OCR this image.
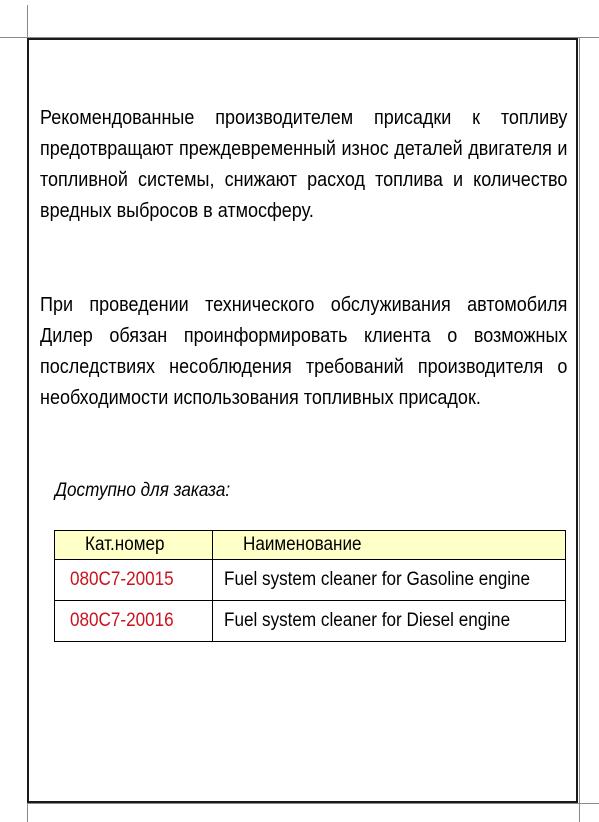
Рекомендованные производителем присадки к топливу предотвращают преждевременный износ деталей двигателя и топливной системы, снижают расход топлива и количество вредных выбросов в атмосферу.
При проведении технического обслуживания автомобиля Дилер обязан проинформировать клиента о возможных последствиях несоблюдения требований производителя о необходимости использования топливных присадок.
Доступно для заказа:
Кат.номер	Наименование
080C7-20015	Fuel system cleaner for Gasoline engine
080C7-20016	Fuel system cleaner for Diesel engine
